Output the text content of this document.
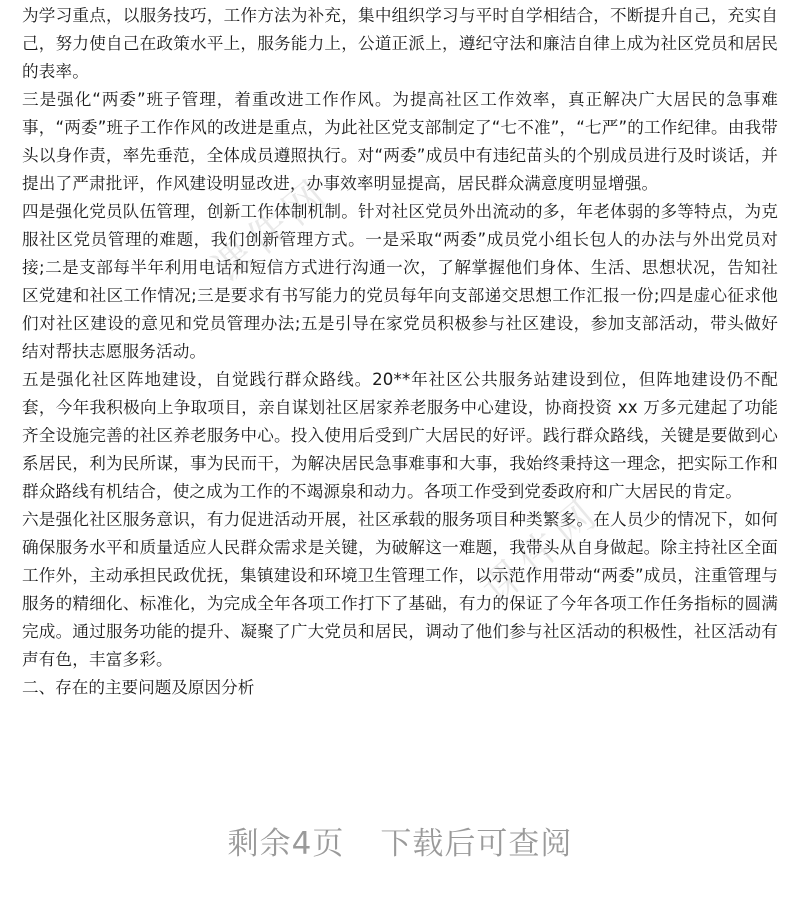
课件网
课件网

为学习重点，以服务技巧，工作方法为补充，集中组织学习与平时自学相结合，不断提升自己，充实自己，努力使自己在政策水平上，服务能力上，公道正派上，遵纪守法和廉洁自律上成为社区党员和居民的表率。

三是强化“两委”班子管理，着重改进工作作风。为提高社区工作效率，真正解决广大居民的急事难事，“两委”班子工作作风的改进是重点，为此社区党支部制定了“七不准”，“七严”的工作纪律。由我带头以身作责，率先垂范，全体成员遵照执行。对“两委”成员中有违纪苗头的个别成员进行及时谈话，并提出了严肃批评，作风建设明显改进，办事效率明显提高，居民群众满意度明显增强。

四是强化党员队伍管理，创新工作体制机制。针对社区党员外出流动的多，年老体弱的多等特点，为克服社区党员管理的难题，我们创新管理方式。一是采取“两委”成员党小组长包人的办法与外出党员对接;二是支部每半年利用电话和短信方式进行沟通一次，了解掌握他们身体、生活、思想状况，告知社区党建和社区工作情况;三是要求有书写能力的党员每年向支部递交思想工作汇报一份;四是虚心征求他们对社区建设的意见和党员管理办法;五是引导在家党员积极参与社区建设，参加支部活动，带头做好结对帮扶志愿服务活动。

五是强化社区阵地建设，自觉践行群众路线。20**年社区公共服务站建设到位，但阵地建设仍不配套，今年我积极向上争取项目，亲自谋划社区居家养老服务中心建设，协商投资 xx 万多元建起了功能齐全设施完善的社区养老服务中心。投入使用后受到广大居民的好评。践行群众路线，关键是要做到心系居民，利为民所谋，事为民而干，为解决居民急事难事和大事，我始终秉持这一理念，把实际工作和群众路线有机结合，使之成为工作的不竭源泉和动力。各项工作受到党委政府和广大居民的肯定。

六是强化社区服务意识，有力促进活动开展，社区承载的服务项目种类繁多。在人员少的情况下，如何确保服务水平和质量适应人民群众需求是关键，为破解这一难题，我带头从自身做起。除主持社区全面工作外，主动承担民政优抚，集镇建设和环境卫生管理工作，以示范作用带动“两委”成员，注重管理与服务的精细化、标准化，为完成全年各项工作打下了基础，有力的保证了今年各项工作任务指标的圆满完成。通过服务功能的提升、凝聚了广大党员和居民，调动了他们参与社区活动的积极性，社区活动有声有色，丰富多彩。

二、存在的主要问题及原因分析

剩余4页 下载后可查阅
